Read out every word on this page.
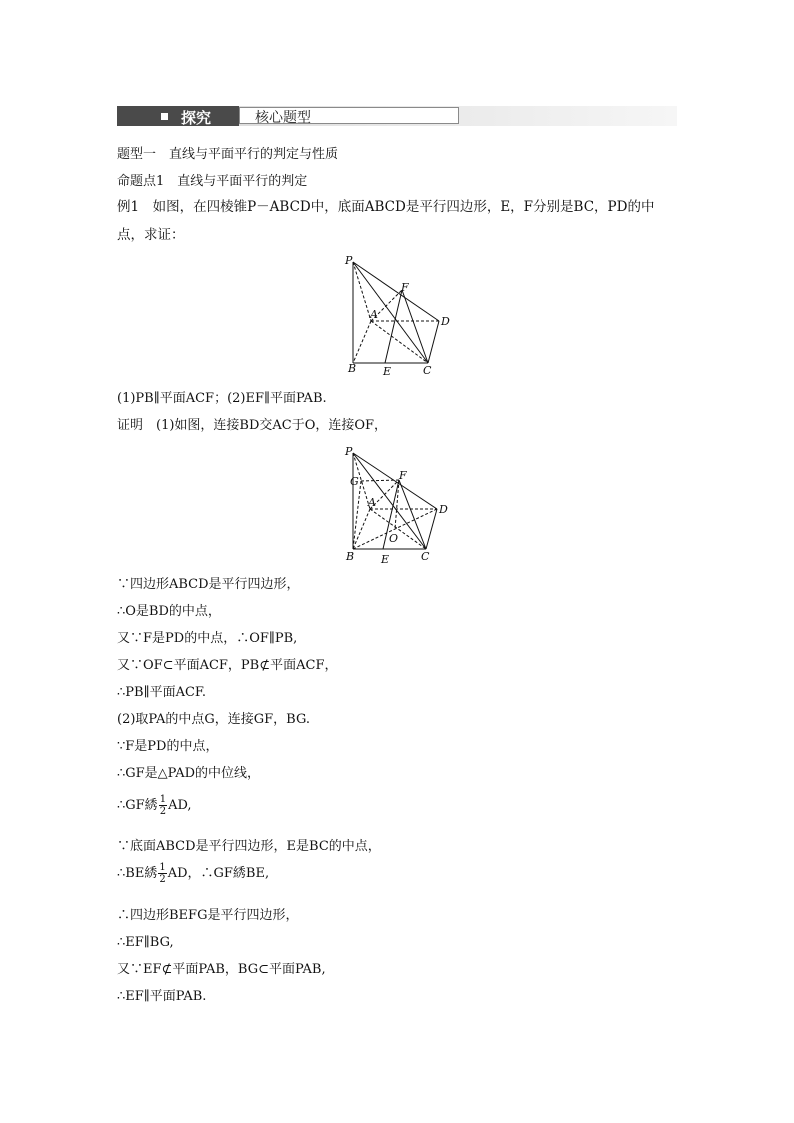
探究	核心题型
题型一　直线与平面平行的判定与性质
命题点1　直线与平面平行的判定
例1　如图，在四棱锥P－ABCD中，底面ABCD是平行四边形，E，F分别是BC，PD的中点，求证：
P
F
A
D
B E	C
(1)PB∥平面ACF；(2)EF∥平面PAB.
证明　(1)如图，连接BD交AC于O，连接OF，
P
G	F
A
D
O
B E	C
∵四边形ABCD是平行四边形，
∴O是BD的中点，
又∵F是PD的中点，∴OF∥PB,
又∵OF⊂平面ACF，PB⊄平面ACF，
∴PB∥平面ACF.
(2)取PA的中点G，连接GF，BG.
∵F是PD的中点，
∴GF是△PAD的中位线，
∴GF綉 $\frac{1}{2}$ AD,
∵底面ABCD是平行四边形，E是BC的中点，
∴BE綉 $\frac{1}{2}$ AD，∴GF綉BE,
∴四边形BEFG是平行四边形，
∴EF∥BG,
又∵EF⊄平面PAB，BG⊂平面PAB,
∴EF∥平面PAB.
